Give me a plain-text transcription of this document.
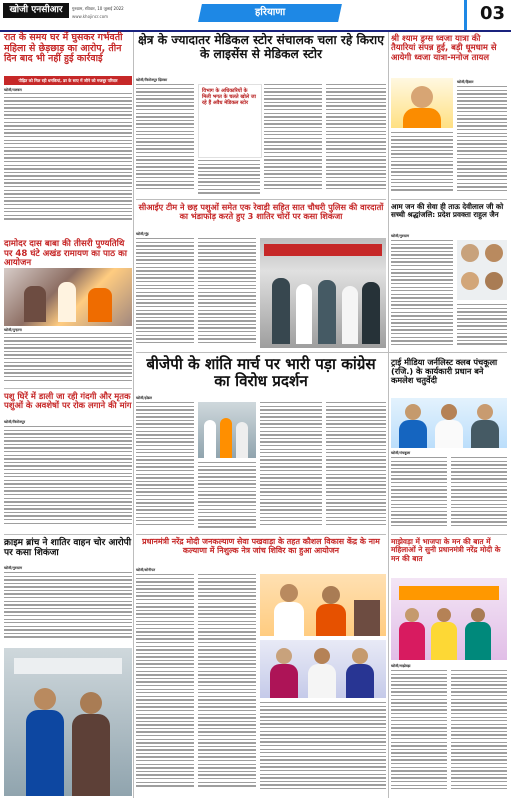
खोजी एनसीआर	गुरुग्राम, रविवार, 10 जुलाई 2022
www.khojincr.com	हरियाणा	03
रात के समय घर में घुसकर गर्भवती महिला से छेड़छाड़ का आरोप, तीन दिन बाद भी नहीं हुई कार्रवाई
पीड़ित को मिल रही धमकियां, डर के साए में जीने को मजबूर परिवार
खोजी/पलवल
दामोदर दास बाबा की तीसरी पुण्यतिथि पर 48 घंटे अखंड रामायण का पाठ का आयोजन
खोजी/पुन्हाना
क्षेत्र के ज्यादातर मेडिकल स्टोर संचालक चला रहे किराए के लाइसेंस से मेडिकल स्टोर
खोजी/फिरोजपुर झिरका
विभाग के अधिकारियों के मिली भगत के चलते खोले जा रहे हैं अवैध मेडिकल स्टोर
सीआईए टीम ने छह पशुओं समेत एक रेवाड़ी सहित सात चौधरी पुलिस की वारदातों का भंडाफोड़ करते हुए 3 शातिर चोरों पर कसा शिकंजा
खोजी/नूंह
श्री श्याम ड्रग्स ध्वजा यात्रा की तैयारियां संपन्न हुई, बड़ी धूमधाम से आयेगी ध्वजा यात्रा-मनोज तायल
खोजी/हिसार
आम जन की सेवा ही ताऊ देवीलाल जी को सच्ची श्रद्धांजलि: प्रदेश प्रवक्ता राहुल जैन
खोजी/गुरुग्राम
पशु घिरें में डाली जा रही गंदगी और मृतक पशुओं के अवशेषों पर रोक लगाने की मांग
खोजी/फिरोजपुर
बीजेपी के शांति मार्च पर भारी पड़ा कांग्रेस का विरोध प्रदर्शन
खोजी/होडल
ट्राई मीडिया जर्नलिस्ट क्लब पंचकूला (रजि.) के कार्यकारी प्रधान बने कमलेश चतुर्वेदी
खोजी/पंचकूला
क्राइम ब्रांच ने शातिर वाहन चोर आरोपी पर कसा शिकंजा
खोजी/गुरुग्राम
प्रधानमंत्री नरेंद्र मोदी जनकल्याण सेवा पखवाड़ा के तहत कौशल विकास केंद्र के नाम कल्याणा में निशुल्क नेत्र जांच शिविर का हुआ आयोजन
खोजी/सोनीपत
माझेवड़ा में भाजपा के मन की बात में महिलाओं ने सुनी प्रधानमंत्री नरेंद्र मोदी के मन की बात
खोजी/माझेवड़ा
